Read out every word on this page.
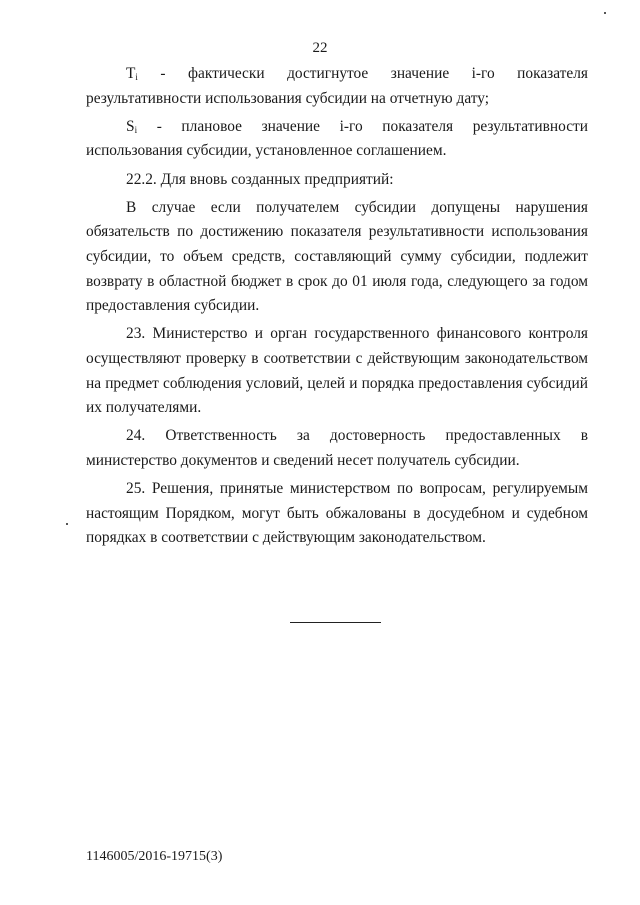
22

$T_i$ - фактически достигнутое значение i-го показателя результативности использования субсидии на отчетную дату;

$S_i$ - плановое значение i-го показателя результативности использования субсидии, установленное соглашением.

22.2. Для вновь созданных предприятий:

В случае если получателем субсидии допущены нарушения обязательств по достижению показателя результативности использования субсидии, то объем средств, составляющий сумму субсидии, подлежит возврату в областной бюджет в срок до 01 июля года, следующего за годом предоставления субсидии.

23. Министерство и орган государственного финансового контроля осуществляют проверку в соответствии с действующим законодательством на предмет соблюдения условий, целей и порядка предоставления субсидий их получателями.

24. Ответственность за достоверность предоставленных в министерство документов и сведений несет получатель субсидии.

25. Решения, принятые министерством по вопросам, регулируемым настоящим Порядком, могут быть обжалованы в досудебном и судебном порядках в соответствии с действующим законодательством.

1146005/2016-19715(3)
